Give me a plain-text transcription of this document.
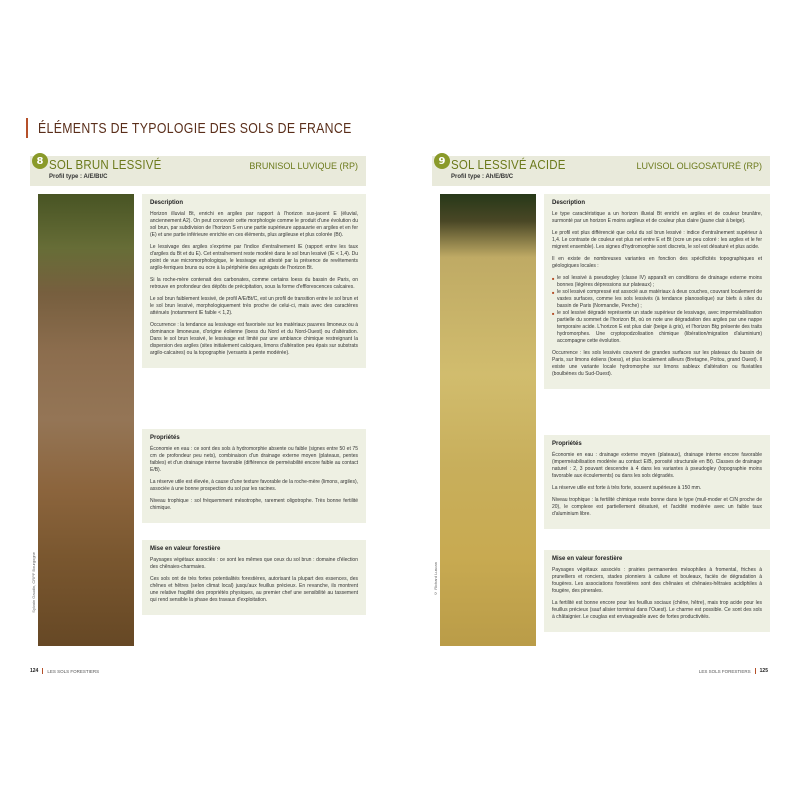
ÉLÉMENTS DE TYPOLOGIE DES SOLS DE FRANCE
8 SOL BRUN LESSIVÉ	BRUNISOL LUVIQUE (RP)
Profil type : A/E/Bt/C
Sylvain Gaudin, CRPF Bourgogne
Description

Horizon illuvial Bt, enrichi en argiles par rapport à l'horizon sus-jacent E (éluvial, anciennement A2). On peut concevoir cette morphologie comme le produit d'une évolution du sol brun, par subdivision de l'horizon S en une partie supérieure appauvrie en argiles et en fer (E) et une partie inférieure enrichie en ces éléments, plus argileuse et plus colorée (Bt).

Le lessivage des argiles s'exprime par l'indice d'entraînement IE (rapport entre les taux d'argiles du Bt et du E). Cet entraînement reste modéré dans le sol brun lessivé (IE < 1,4). Du point de vue micromorphologique, le lessivage est attesté par la présence de revêtements argilo-ferriques bruns ou ocre à la périphérie des agrégats de l'horizon Bt.

Si la roche-mère contenait des carbonates, comme certains loess du bassin de Paris, on retrouve en profondeur des dépôts de précipitation, sous la forme d'efflorescences calcaires.

Le sol brun faiblement lessivé, de profil A/E/Bt/C, est un profil de transition entre le sol brun et le sol brun lessivé, morphologiquement très proche de celui-ci, mais avec des caractères atténués (notamment IE faible < 1,2).

Occurrence : la tendance au lessivage est favorisée sur les matériaux pauvres limoneux ou à dominance limoneuse, d'origine éolienne (loess du Nord et du Nord-Ouest) ou d'altération. Dans le sol brun lessivé, le lessivage est limité par une ambiance chimique restreignant la dispersion des argiles (sites initialement calciques, limons d'altération peu épais sur substrats argilo-calcaires) ou la topographie (versants à pente modérée).

Propriétés

Économie en eau : ce sont des sols à hydromorphie absente ou faible (signes entre 50 et 75 cm de profondeur peu nets), combinaison d'un drainage externe moyen (plateaux, pentes faibles) et d'un drainage interne favorable (différence de perméabilité encore faible au contact E/B).

La réserve utile est élevée, à cause d'une texture favorable de la roche-mère (limons, argiles), associée à une bonne prospection du sol par les racines.

Niveau trophique : sol fréquemment mésotrophe, rarement oligotrophe. Très bonne fertilité chimique.

Mise en valeur forestière

Paysages végétaux associés : ce sont les mêmes que ceux du sol brun : domaine d'élection des chênaies-charmaies.

Ces sols ont de très fortes potentialités forestières, autorisant la plupart des essences, des chênes et hêtres (selon climat local) jusqu'aux feuillus précieux. En revanche, ils montrent une relative fragilité des propriétés physiques, au premier chef une sensibilité au tassement qui rend sensible la phase des travaux d'exploitation.

9 SOL LESSIVÉ ACIDE	LUVISOL OLIGOSATURÉ (RP)
Profil type : Ah/E/Bt/C
© Richard Luscan
Description

Le type caractéristique a un horizon illuvial Bt enrichi en argiles et de couleur brunâtre, surmonté par un horizon E moins argileux et de couleur plus claire (jaune clair à beige).

Le profil est plus différencié que celui du sol brun lessivé : indice d'entraînement supérieur à 1,4. Le contraste de couleur est plus net entre E et Bt (ocre un peu coloré : les argiles et le fer migrent ensemble). Les signes d'hydromorphie sont discrets, le sol est désaturé et plus acide.

Il en existe de nombreuses variantes en fonction des spécificités topographiques et géologiques locales :

■ le sol lessivé à pseudogley (classe IV) apparaît en conditions de drainage externe moins bonnes (légères dépressions sur plateaux) ;
■ le sol lessivé compressé est associé aux matériaux à deux couches, couvrant localement de vastes surfaces, comme les sols lessivés (à tendance planosolique) sur biefs à silex du bassin de Paris (Normandie, Perche) ;
■ le sol lessivé dégradé représente un stade supérieur de lessivage, avec imperméabilisation partielle du sommet de l'horizon Bt, où on note une dégradation des argiles par une nappe temporaire acide. L'horizon E est plus clair (beige à gris), et l'horizon Btg présente des traits hydromorphes. Une cryptopodzolisation chimique (libération/migration d'aluminium) accompagne cette évolution.

Occurrence : les sols lessivés couvrent de grandes surfaces sur les plateaux du bassin de Paris, sur limons éoliens (loess), et plus localement ailleurs (Bretagne, Poitou, grand Ouest). Il existe une variante locale hydromorphe sur limons sableux d'altération ou fluviatiles (boulbènes du Sud-Ouest).

Propriétés

Économie en eau : drainage externe moyen (plateaux), drainage interne encore favorable (imperméabilisation modérée au contact E/B, porosité structurale en Bt). Classes de drainage naturel : 2, 3 pouvant descendre à 4 dans les variantes à pseudogley (topographie moins favorable aux écoulements) ou dans les sols dégradés.

La réserve utile est forte à très forte, souvent supérieure à 150 mm.

Niveau trophique : la fertilité chimique reste bonne dans le type (mull-moder et C/N proche de 20), le complexe est partiellement désaturé, et l'acidité modérée avec un faible taux d'aluminium libre.

Mise en valeur forestière

Paysages végétaux associés : prairies permanentes mésophiles à fromental, friches à prunelliers et ronciers, stades pionniers à callune et bouleaux, faciès de dégradation à fougères. Les associations forestières sont des chênaies et chênaies-hêtraies acidiphiles à fougère, des pinerales.

La fertilité est bonne encore pour les feuillus sociaux (chêne, hêtre), mais trop acide pour les feuillus précieux (sauf alisier torminal dans l'Ouest). Le charme est possible. Ce sont des sols à châtaignier. Le couglas est envisageable avec de fortes productivités.

124 LES SOLS FORESTIERS	LES SOLS FORESTIERS 125
